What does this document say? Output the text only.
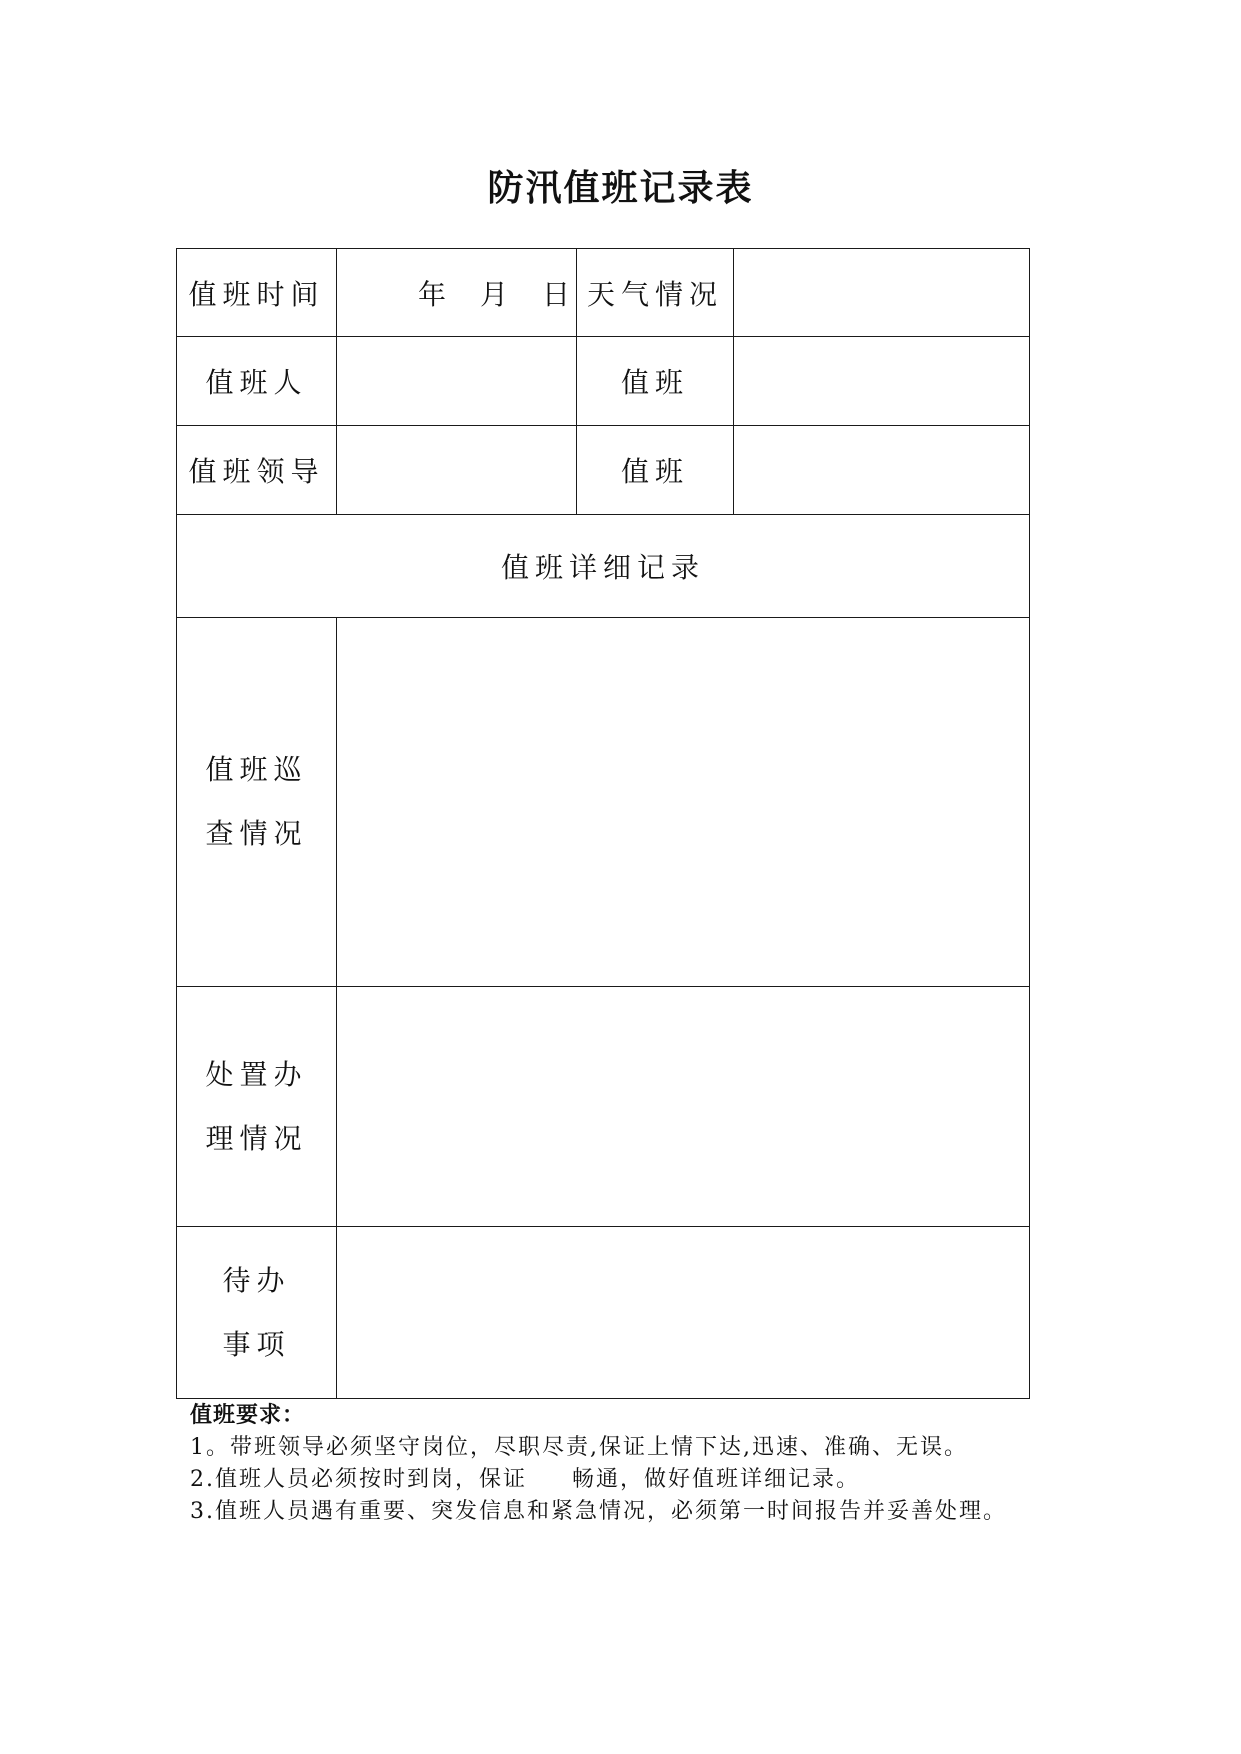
防汛值班记录表
值班时间	年 月 日	天气情况	
值班人		值班	
值班领导		值班	
值班详细记录			

值班巡
查情况			

处置办
理情况			

待办
事项			

值班要求：
1。带班领导必须坚守岗位，尽职尽责,保证上情下达,迅速、准确、无误。
2.值班人员必须按时到岗，保证     畅通，做好值班详细记录。
3.值班人员遇有重要、突发信息和紧急情况，必须第一时间报告并妥善处理。
